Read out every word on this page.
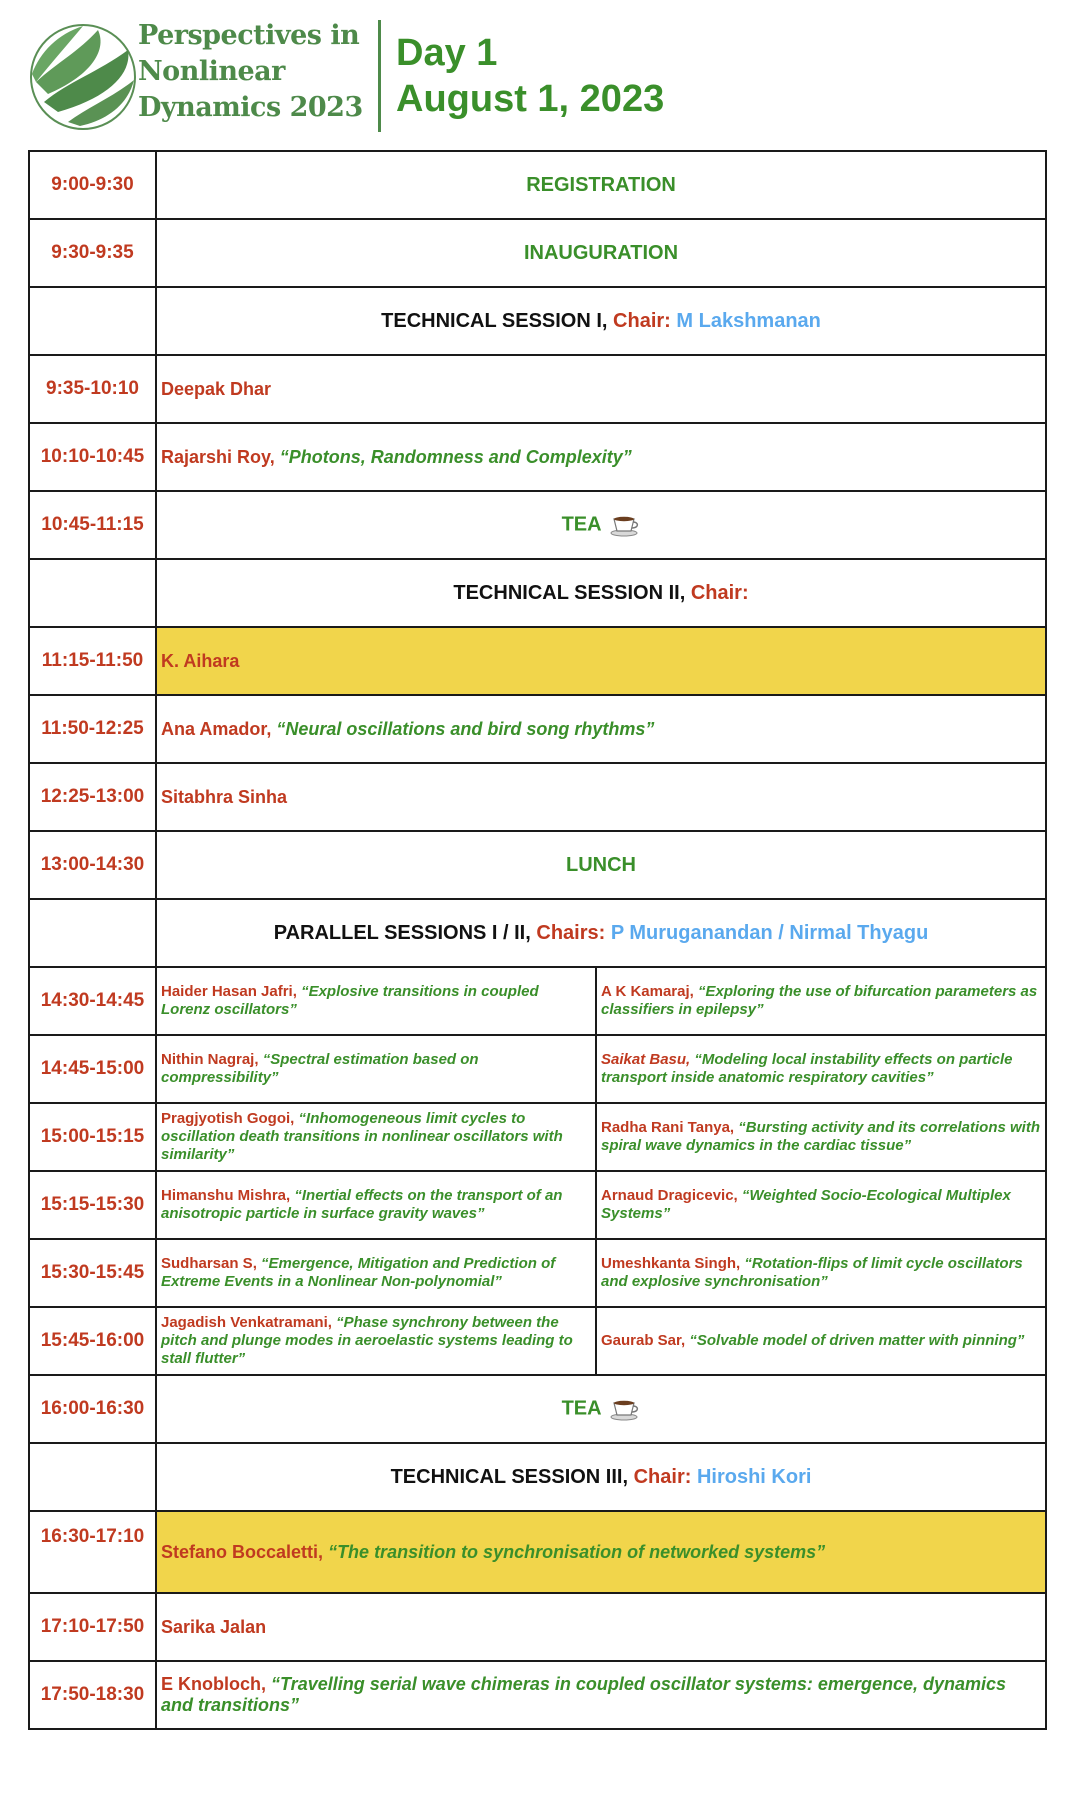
Perspectives in
Nonlinear
Dynamics 2023
Day 1
August 1, 2023
9:00-9:30	REGISTRATION	
9:30-9:35	INAUGURATION	
	TECHNICAL SESSION I, Chair: M Lakshmanan	
9:35-10:10	Deepak Dhar	
10:10-10:45	Rajarshi Roy, “Photons, Randomness and Complexity”	
10:45-11:15	TEA	
	TECHNICAL SESSION II, Chair:	
11:15-11:50	K. Aihara	
11:50-12:25	Ana Amador, “Neural oscillations and bird song rhythms”	
12:25-13:00	Sitabhra Sinha	
13:00-14:30	LUNCH	
	PARALLEL SESSIONS I / II, Chairs: P Muruganandan / Nirmal Thyagu	
14:30-14:45	Haider Hasan Jafri, “Explosive transitions in coupled Lorenz oscillators”	A K Kamaraj, “Exploring the use of bifurcation parameters as classifiers in epilepsy”
14:45-15:00	Nithin Nagraj, “Spectral estimation based on compressibility”	Saikat Basu, “Modeling local instability effects on particle transport inside anatomic respiratory cavities”
15:00-15:15	Pragjyotish Gogoi, “Inhomogeneous limit cycles to oscillation death transitions in nonlinear oscillators with similarity”	Radha Rani Tanya, “Bursting activity and its correlations with spiral wave dynamics in the cardiac tissue”
15:15-15:30	Himanshu Mishra, “Inertial effects on the transport of an anisotropic particle in surface gravity waves”	Arnaud Dragicevic, “Weighted Socio-Ecological Multiplex Systems”
15:30-15:45	Sudharsan S, “Emergence, Mitigation and Prediction of Extreme Events in a Nonlinear Non-polynomial”	Umeshkanta Singh, “Rotation-flips of limit cycle oscillators and explosive synchronisation”
15:45-16:00	Jagadish Venkatramani, “Phase synchrony between the pitch and plunge modes in aeroelastic systems leading to stall flutter”	Gaurab Sar, “Solvable model of driven matter with pinning”
16:00-16:30	TEA	
	TECHNICAL SESSION III, Chair: Hiroshi Kori	
16:30-17:10	Stefano Boccaletti, “The transition to synchronisation of networked systems”	
17:10-17:50	Sarika Jalan	
17:50-18:30	E Knobloch, “Travelling serial wave chimeras in coupled oscillator systems: emergence, dynamics and transitions”	
